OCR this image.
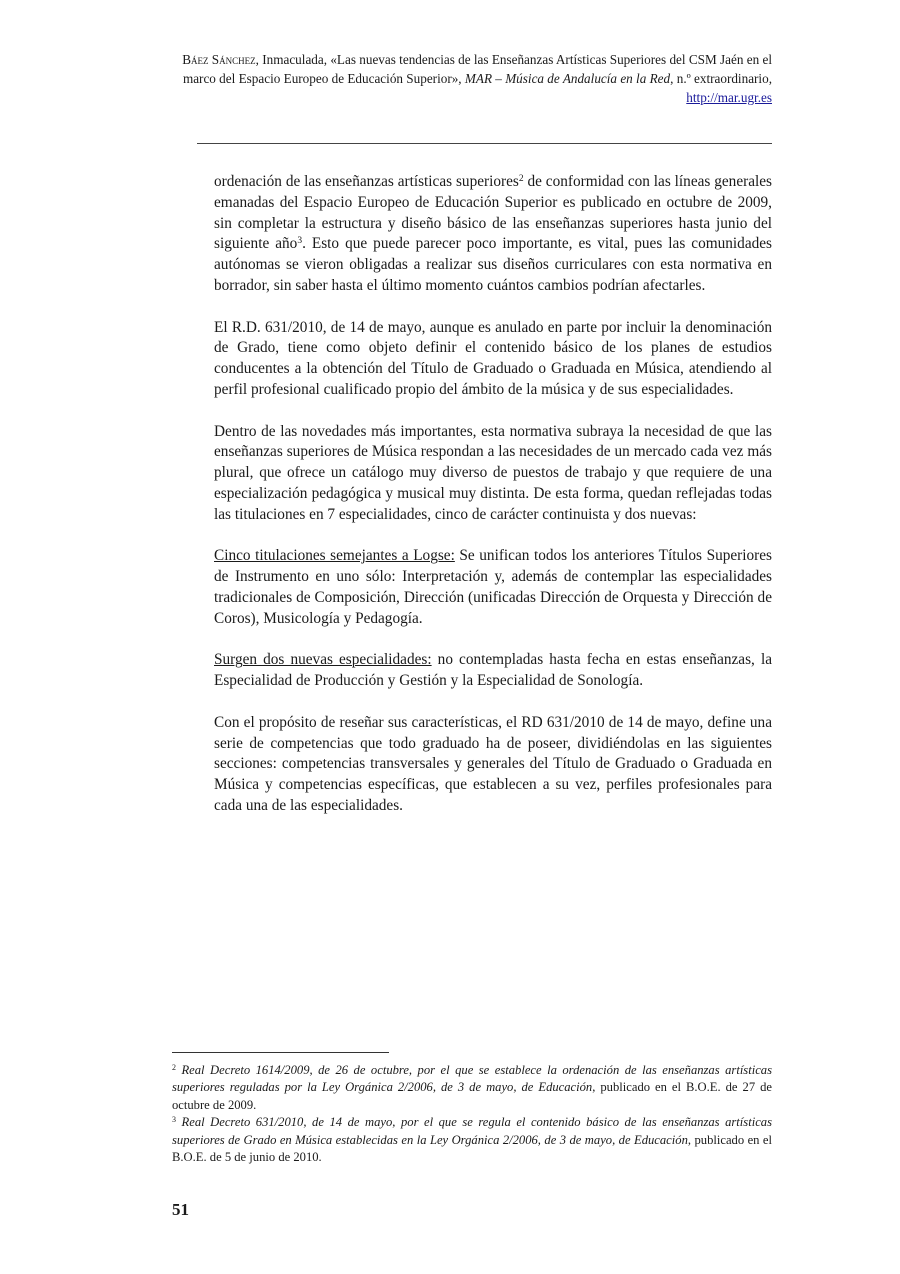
Báez Sánchez, Inmaculada, «Las nuevas tendencias de las Enseñanzas Artísticas Superiores del CSM Jaén en el marco del Espacio Europeo de Educación Superior», MAR – Música de Andalucía en la Red, n.º extraordinario, http://mar.ugr.es

ordenación de las enseñanzas artísticas superiores$^2$ de conformidad con las líneas generales emanadas del Espacio Europeo de Educación Superior es publicado en octubre de 2009, sin completar la estructura y diseño básico de las enseñanzas superiores hasta junio del siguiente año$^3$. Esto que puede parecer poco importante, es vital, pues las comunidades autónomas se vieron obligadas a realizar sus diseños curriculares con esta normativa en borrador, sin saber hasta el último momento cuántos cambios podrían afectarles.

El R.D. 631/2010, de 14 de mayo, aunque es anulado en parte por incluir la denominación de Grado, tiene como objeto definir el contenido básico de los planes de estudios conducentes a la obtención del Título de Graduado o Graduada en Música, atendiendo al perfil profesional cualificado propio del ámbito de la música y de sus especialidades.

Dentro de las novedades más importantes, esta normativa subraya la necesidad de que las enseñanzas superiores de Música respondan a las necesidades de un mercado cada vez más plural, que ofrece un catálogo muy diverso de puestos de trabajo y que requiere de una especialización pedagógica y musical muy distinta. De esta forma, quedan reflejadas todas las titulaciones en 7 especialidades, cinco de carácter continuista y dos nuevas:

Cinco titulaciones semejantes a Logse: Se unifican todos los anteriores Títulos Superiores de Instrumento en uno sólo: Interpretación y, además de contemplar las especialidades tradicionales de Composición, Dirección (unificadas Dirección de Orquesta y Dirección de Coros), Musicología y Pedagogía.

Surgen dos nuevas especialidades: no contempladas hasta fecha en estas enseñanzas, la Especialidad de Producción y Gestión y la Especialidad de Sonología.

Con el propósito de reseñar sus características, el RD 631/2010 de 14 de mayo, define una serie de competencias que todo graduado ha de poseer, dividiéndolas en las siguientes secciones: competencias transversales y generales del Título de Graduado o Graduada en Música y competencias específicas, que establecen a su vez, perfiles profesionales para cada una de las especialidades.

$^2$ Real Decreto 1614/2009, de 26 de octubre, por el que se establece la ordenación de las enseñanzas artísticas superiores reguladas por la Ley Orgánica 2/2006, de 3 de mayo, de Educación, publicado en el B.O.E. de 27 de octubre de 2009.

$^3$ Real Decreto 631/2010, de 14 de mayo, por el que se regula el contenido básico de las enseñanzas artísticas superiores de Grado en Música establecidas en la Ley Orgánica 2/2006, de 3 de mayo, de Educación, publicado en el B.O.E. de 5 de junio de 2010.

51
